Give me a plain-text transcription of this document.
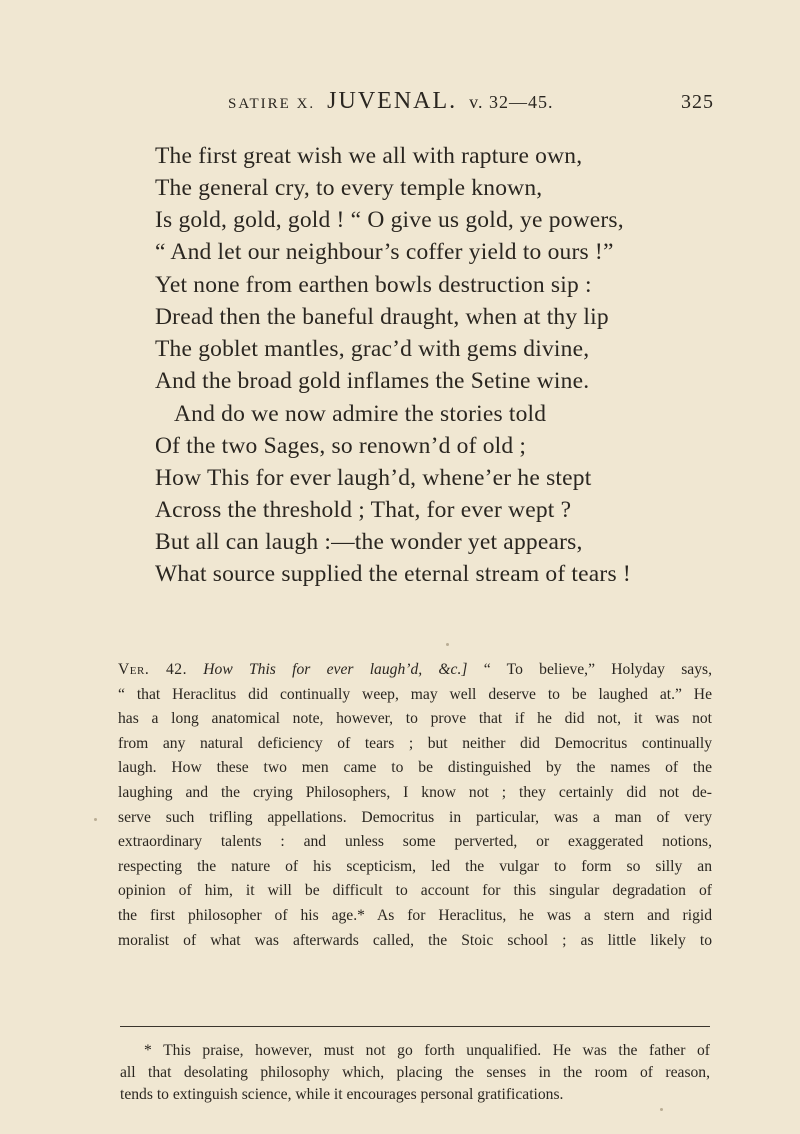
SATIRE X. JUVENAL. v. 32—45.	325
The first great wish we all with rapture own,
The general cry, to every temple known,
Is gold, gold, gold ! “ O give us gold, ye powers,
“ And let our neighbour’s coffer yield to ours !”
Yet none from earthen bowls destruction sip :
Dread then the baneful draught, when at thy lip
The goblet mantles, grac’d with gems divine,
And the broad gold inflames the Setine wine.
And do we now admire the stories told
Of the two Sages, so renown’d of old ;
How This for ever laugh’d, whene’er he stept
Across the threshold ; That, for ever wept ?
But all can laugh :—the wonder yet appears,
What source supplied the eternal stream of tears !
Ver. 42. How This for ever laugh’d, &c.] “ To believe,” Holyday says,
“ that Heraclitus did continually weep, may well deserve to be laughed at.” He
has a long anatomical note, however, to prove that if he did not, it was not
from any natural deficiency of tears ; but neither did Democritus continually
laugh. How these two men came to be distinguished by the names of the
laughing and the crying Philosophers, I know not ; they certainly did not de-
serve such trifling appellations. Democritus in particular, was a man of very
extraordinary talents : and unless some perverted, or exaggerated notions,
respecting the nature of his scepticism, led the vulgar to form so silly an
opinion of him, it will be difficult to account for this singular degradation of
the first philosopher of his age.* As for Heraclitus, he was a stern and rigid
moralist of what was afterwards called, the Stoic school ; as little likely to
* This praise, however, must not go forth unqualified. He was the father of
all that desolating philosophy which, placing the senses in the room of reason,
tends to extinguish science, while it encourages personal gratifications.
